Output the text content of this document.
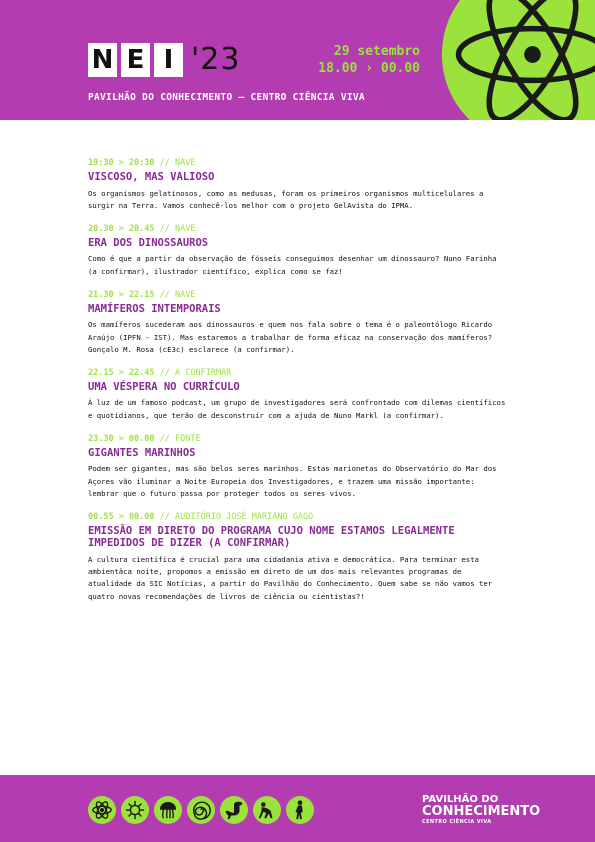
N E I '23	29 setembro
18.00 › 00.00
PAVILHÃO DO CONHECIMENTO — CENTRO CIÊNCIA VIVA
19:30 > 20:30 // NAVE
VISCOSO, MAS VALIOSO
Os organismos gelatinosos, como as medusas, foram os primeiros organismos multicelulares a surgir na Terra. Vamos conhecê-los melhor com o projeto GelAvista do IPMA.
20.30 > 20.45 // NAVE
ERA DOS DINOSSAUROS
Como é que a partir da observação de fósseis conseguimos desenhar um dinossauro? Nuno Farinha (a confirmar), ilustrador científico, explica como se faz!
21.30 > 22.15 // NAVE
MAMÍFEROS INTEMPORAIS
Os mamíferos sucederam aos dinossauros e quem nos fala sobre o tema é o paleontólogo Ricardo Araújo (IPFN - IST). Mas estaremos a trabalhar de forma eficaz na conservação dos mamíferos? Gonçalo M. Rosa (cE3c) esclarece (a confirmar).
22.15 > 22.45 // A CONFIRMAR
UMA VÉSPERA NO CURRÍCULO
À luz de um famoso podcast, um grupo de investigadores será confrontado com dilemas científicos e quotidianos, que terão de desconstruir com a ajuda de Nuno Markl (a confirmar).
23.30 > 00.00 // FONTE
GIGANTES MARINHOS
Podem ser gigantes, mas são belos seres marinhos. Estas marionetas do Observatório do Mar dos Açores vão iluminar a Noite Europeia dos Investigadores, e trazem uma missão importante: lembrar que o futuro passa por proteger todos os seres vivos.
00.55 > 00.00 // AUDITÓRIO JOSÉ MARIANO GAGO
EMISSÃO EM DIRETO DO PROGRAMA CUJO NOME ESTAMOS LEGALMENTE IMPEDIDOS DE DIZER (A CONFIRMAR)
A cultura científica é crucial para uma cidadania ativa e democrática. Para terminar esta ambientâca noite, propomos a emissão em direto de um dos mais relevantes programas de atualidade da SIC Notícias, a partir do Pavilhão do Conhecimento. Quem sabe se não vamos ter quatro novas recomendações de livros de ciência ou cientistas?!
PAVILHÃO DO
CONHECIMENTO
CENTRO CIÊNCIA VIVA
